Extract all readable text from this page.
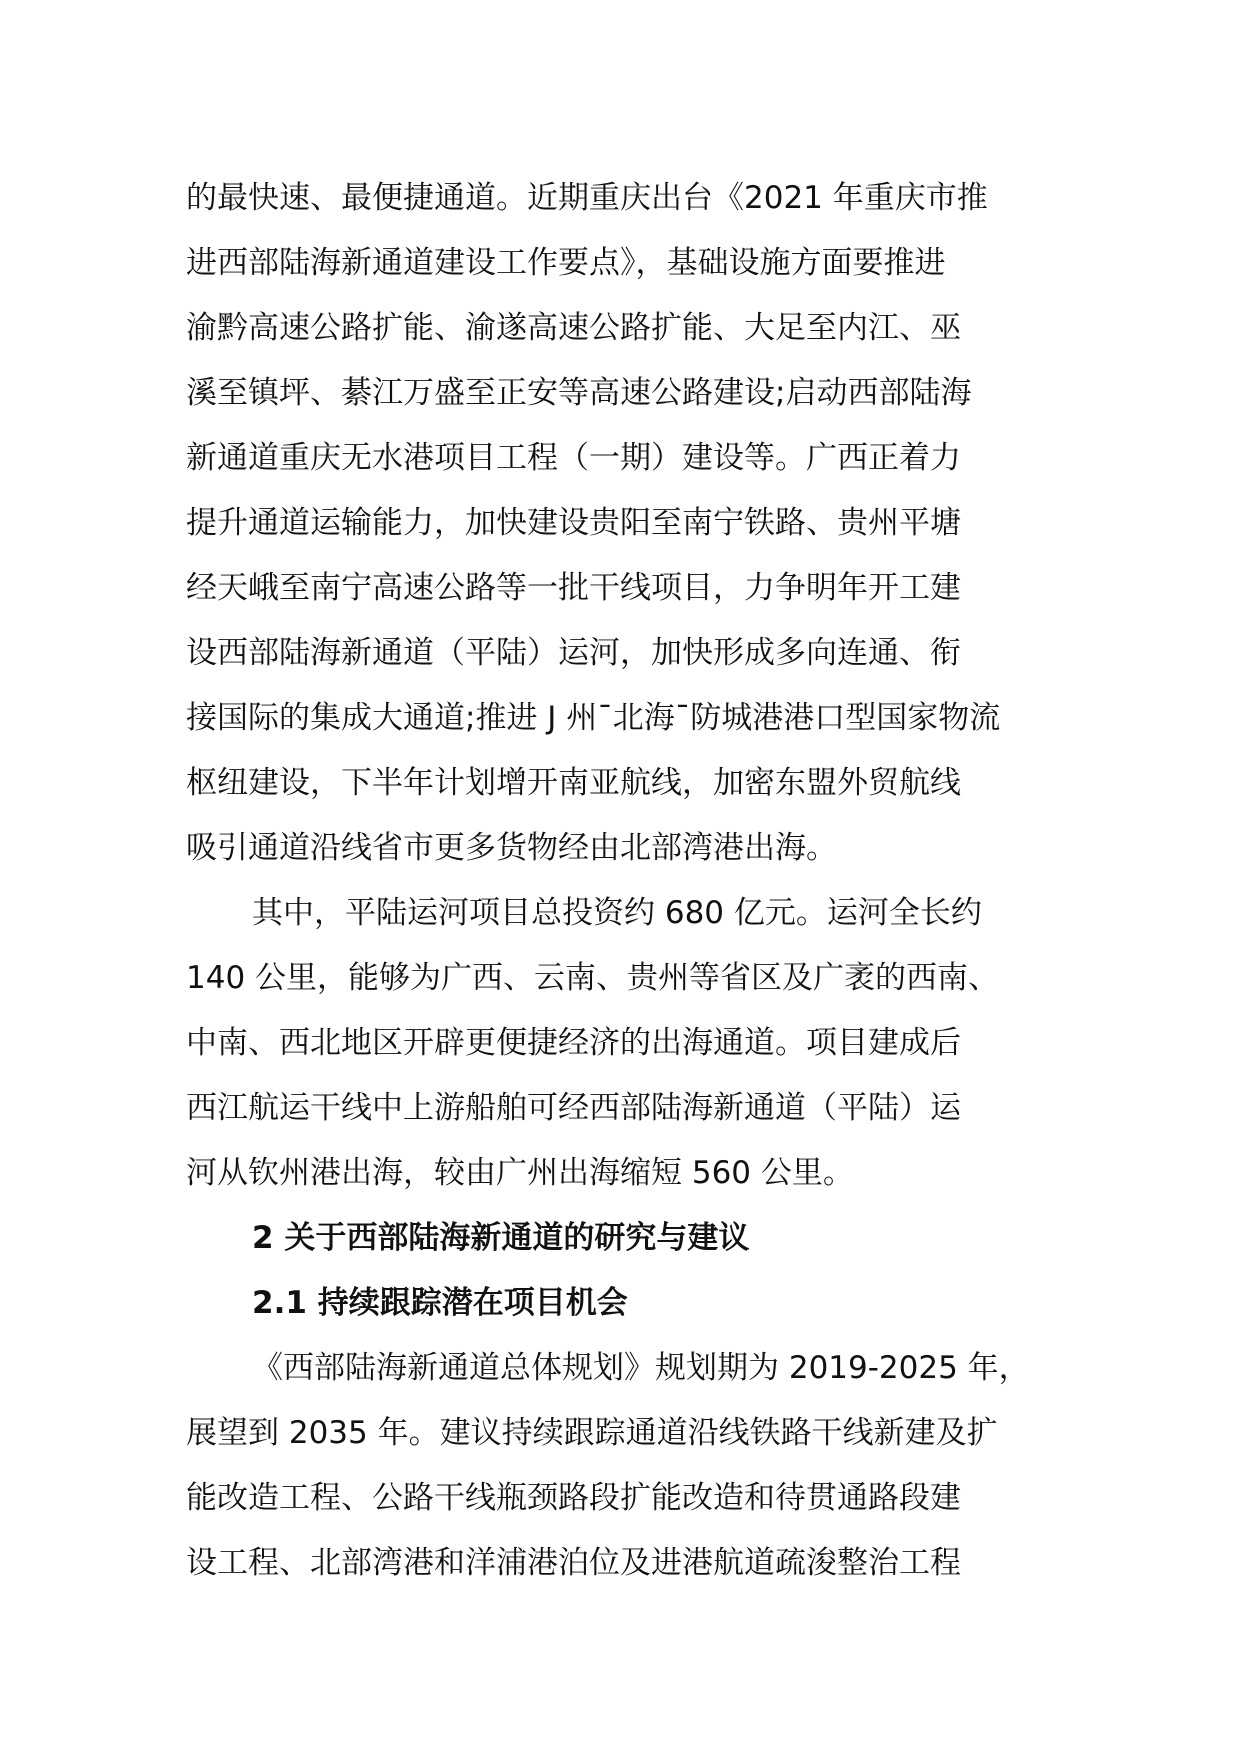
的最快速、最便捷通道。近期重庆出台《2021 年重庆市推
进西部陆海新通道建设工作要点》，基础设施方面要推进
渝黔高速公路扩能、渝遂高速公路扩能、大足至内江、巫
溪至镇坪、綦江万盛至正安等高速公路建设;启动西部陆海
新通道重庆无水港项目工程（一期）建设等。广西正着力
提升通道运输能力，加快建设贵阳至南宁铁路、贵州平塘
经天峨至南宁高速公路等一批干线项目，力争明年开工建
设西部陆海新通道（平陆）运河，加快形成多向连通、衔
接国际的集成大通道;推进 J 州¯北海¯防城港港口型国家物流
枢纽建设，下半年计划增开南亚航线，加密东盟外贸航线
吸引通道沿线省市更多货物经由北部湾港出海。
其中，平陆运河项目总投资约 680 亿元。运河全长约
140 公里，能够为广西、云南、贵州等省区及广袤的西南、
中南、西北地区开辟更便捷经济的出海通道。项目建成后
西江航运干线中上游船舶可经西部陆海新通道（平陆）运
河从钦州港出海，较由广州出海缩短 560 公里。
2 关于西部陆海新通道的研究与建议
2.1 持续跟踪潜在项目机会
《西部陆海新通道总体规划》规划期为 2019-2025 年，
展望到 2035 年。建议持续跟踪通道沿线铁路干线新建及扩
能改造工程、公路干线瓶颈路段扩能改造和待贯通路段建
设工程、北部湾港和洋浦港泊位及进港航道疏浚整治工程
